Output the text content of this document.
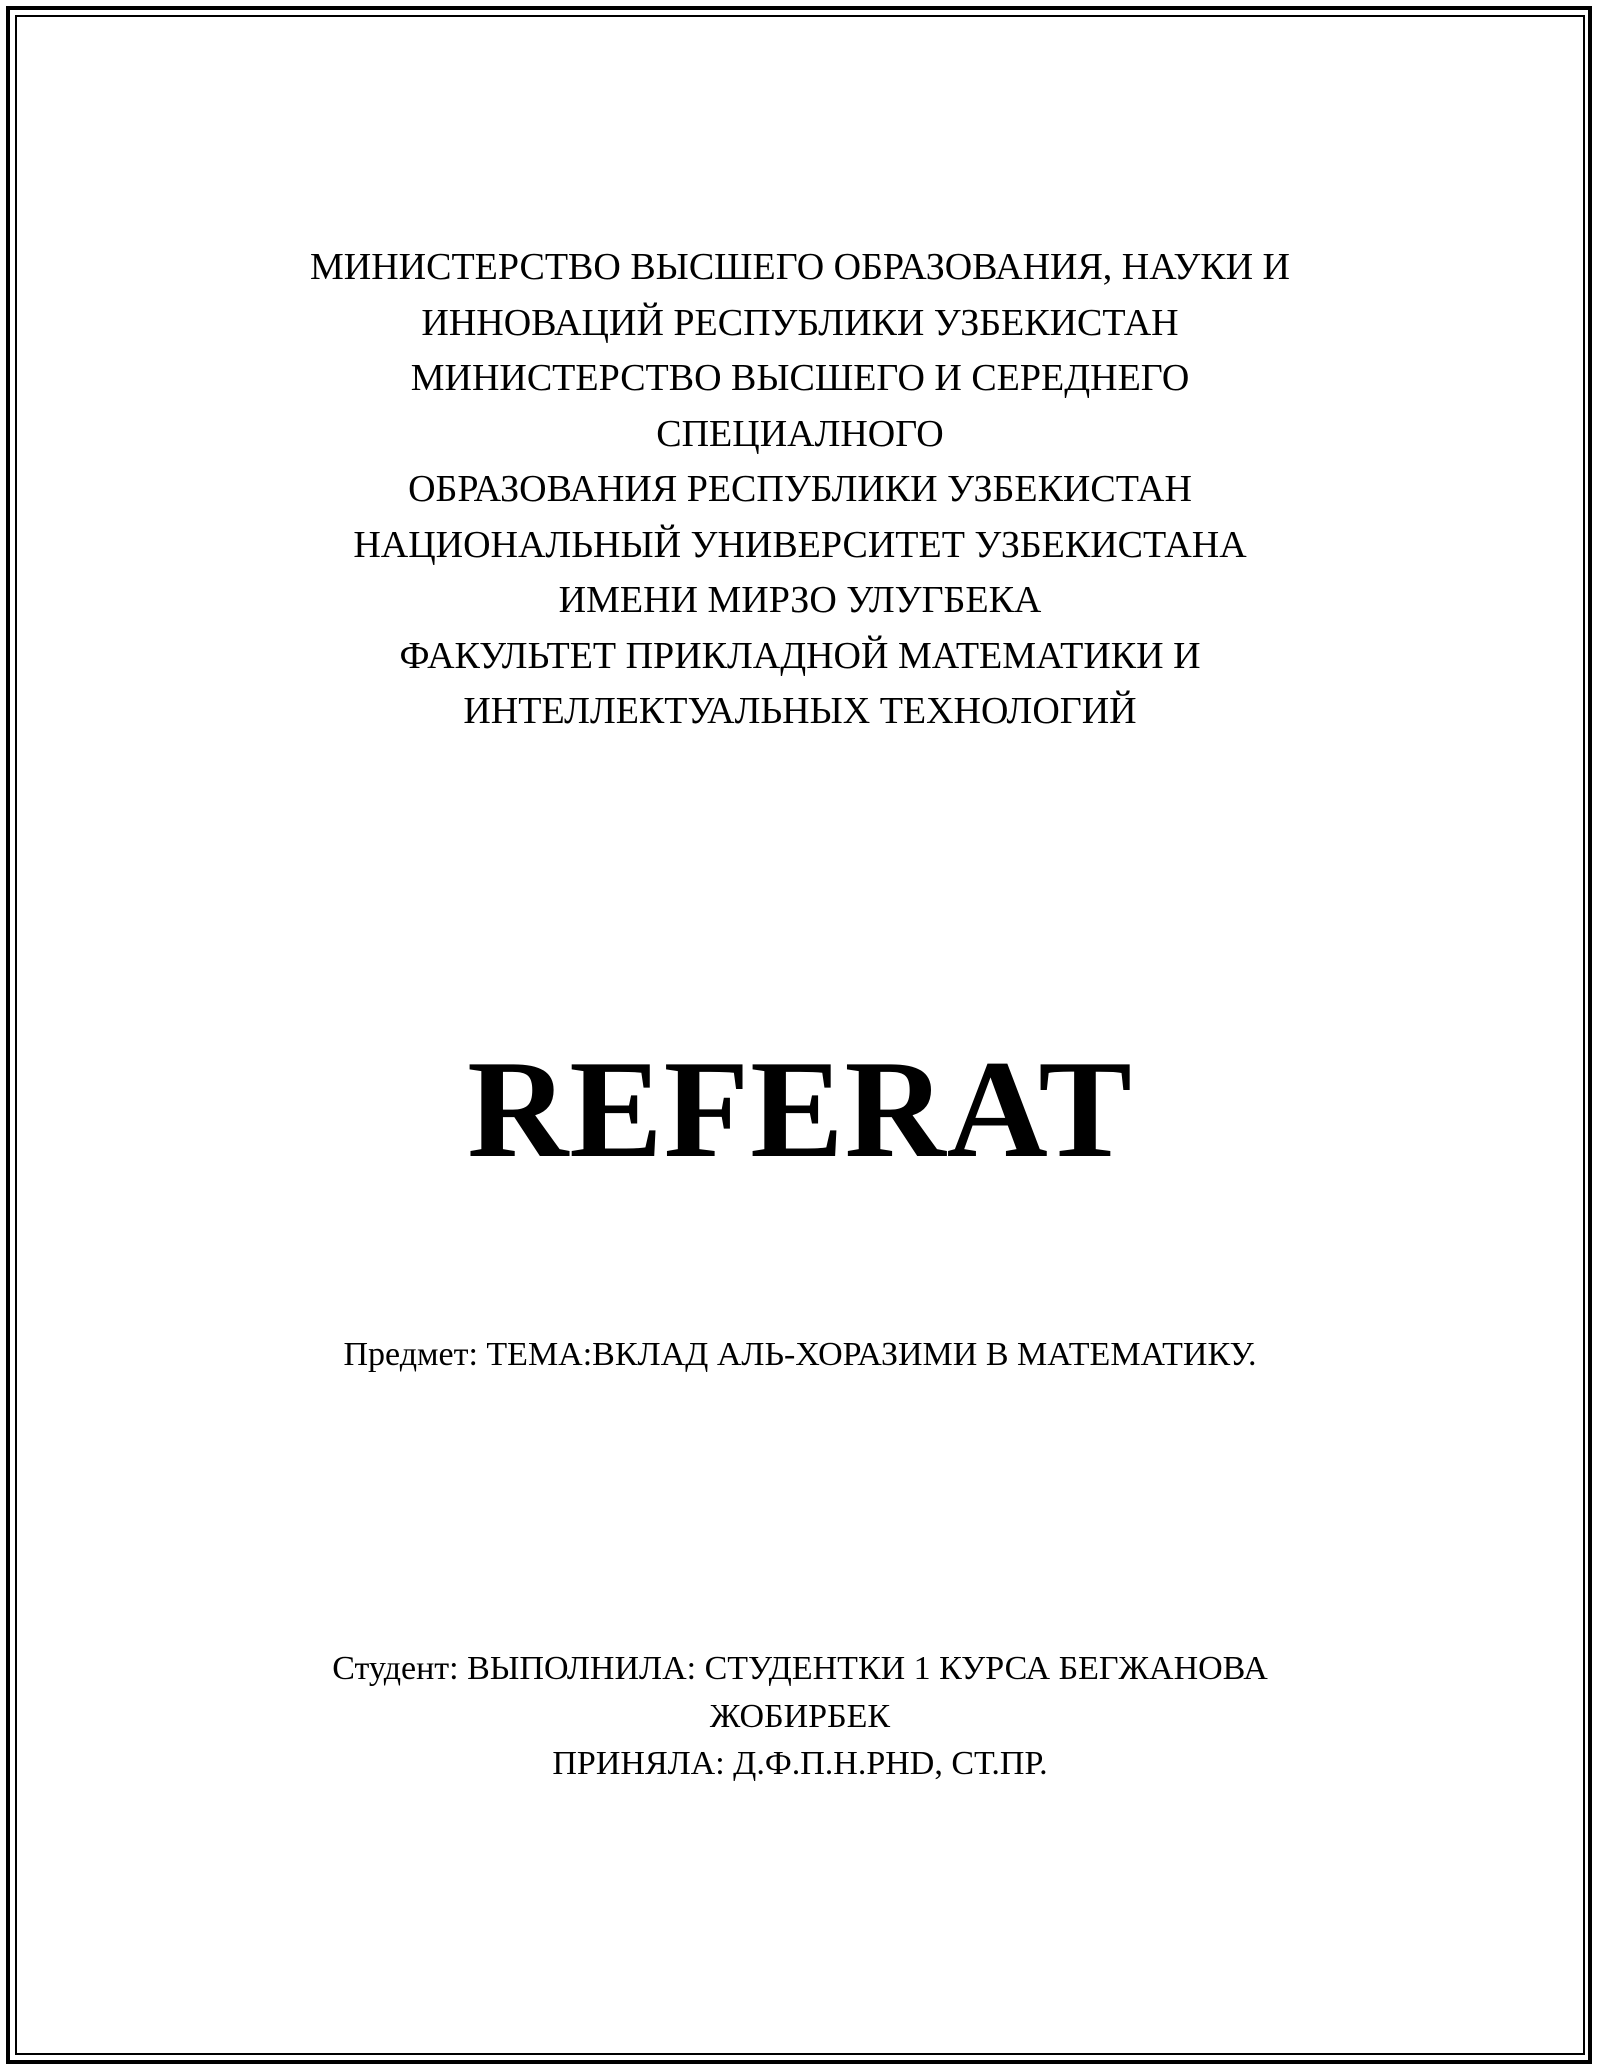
МИНИСТЕРСТВО ВЫСШЕГО ОБРАЗОВАНИЯ, НАУКИ И
ИННОВАЦИЙ РЕСПУБЛИКИ УЗБЕКИСТАН
МИНИСТЕРСТВО ВЫСШЕГО И СЕРЕДНЕГО
СПЕЦИАЛНОГО
ОБРАЗОВАНИЯ РЕСПУБЛИКИ УЗБЕКИСТАН
НАЦИОНАЛЬНЫЙ УНИВЕРСИТЕТ УЗБЕКИСТАНА
ИМЕНИ МИРЗО УЛУГБЕКА
ФАКУЛЬТЕТ ПРИКЛАДНОЙ МАТЕМАТИКИ И
ИНТЕЛЛЕКТУАЛЬНЫХ ТЕХНОЛОГИЙ
REFERAT
Предмет: ТЕМА:ВКЛАД АЛЬ-ХОРАЗИМИ В МАТЕМАТИКУ.
Студент: ВЫПОЛНИЛА: СТУДЕНТКИ 1 КУРСА БЕГЖАНОВА
ЖОБИРБЕК
ПРИНЯЛА: Д.Ф.П.Н.PHD, СТ.ПР.
